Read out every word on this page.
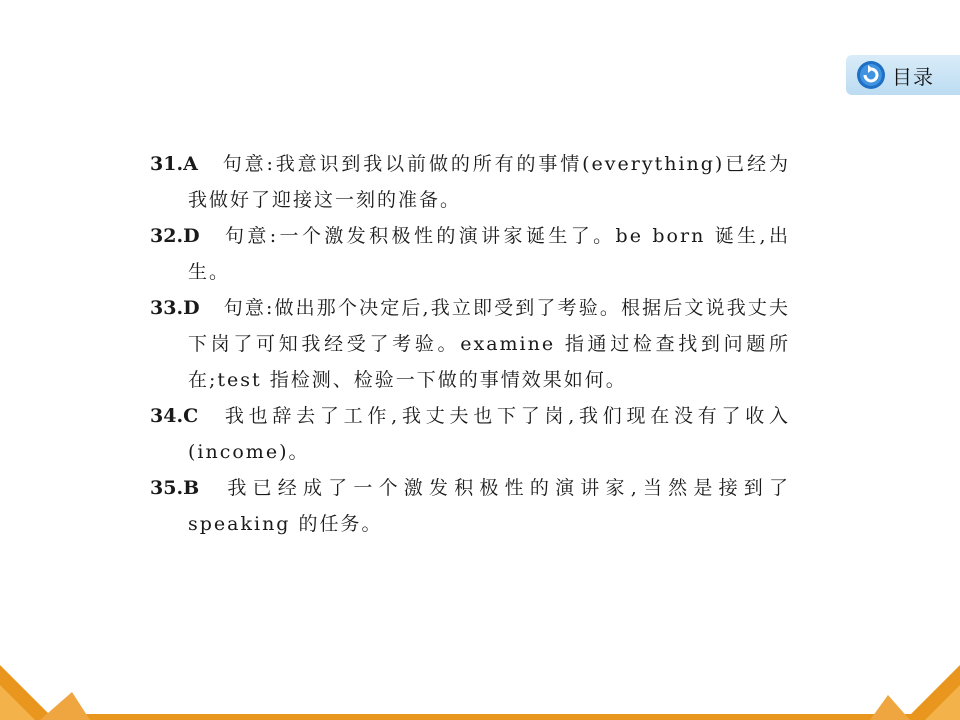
目录
31.A 句意:我意识到我以前做的所有的事情(everything)已经为我做好了迎接这一刻的准备。
32.D 句意:一个激发积极性的演讲家诞生了。be born 诞生,出生。
33.D 句意:做出那个决定后,我立即受到了考验。根据后文说我丈夫下岗了可知我经受了考验。examine 指通过检查找到问题所在;test 指检测、检验一下做的事情效果如何。
34.C 我也辞去了工作,我丈夫也下了岗,我们现在没有了收入(income)。
35.B 我已经成了一个激发积极性的演讲家,当然是接到了speaking 的任务。
